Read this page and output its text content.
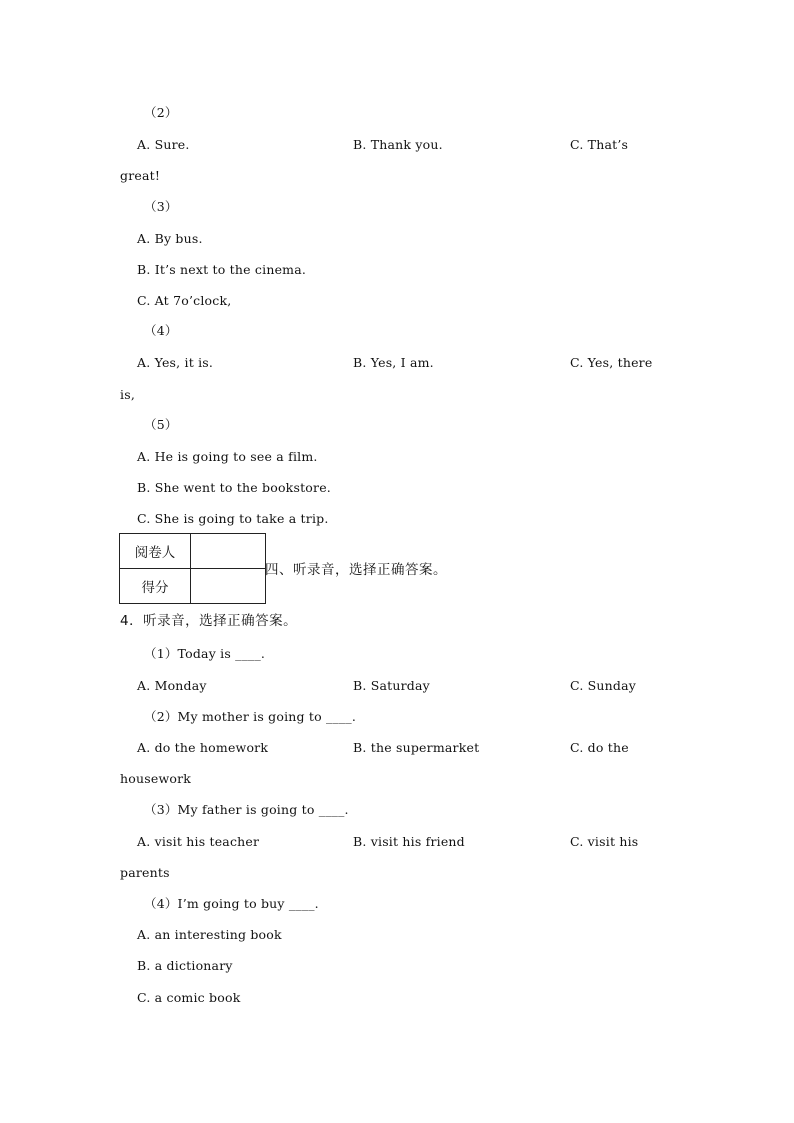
（2）
A. Sure.	B. Thank you.	C. That’s
great!
（3）
A. By bus.
B. It’s next to the cinema.
C. At 7o’clock,
（4）
A. Yes, it is.	B. Yes, I am.	C. Yes, there
is,
（5）
A. He is going to see a film.
B. She went to the bookstore.
C. She is going to take a trip.
阅卷人	
得分	
四、听录音，选择正确答案。
4．听录音，选择正确答案。
（1）Today is ____.
A. Monday	B. Saturday	C. Sunday
（2）My mother is going to ____.
A. do the homework	B. the supermarket	C. do the
housework
（3）My father is going to ____.
A. visit his teacher	B. visit his friend	C. visit his
parents
（4）I’m going to buy ____.
A. an interesting book
B. a dictionary
C. a comic book
